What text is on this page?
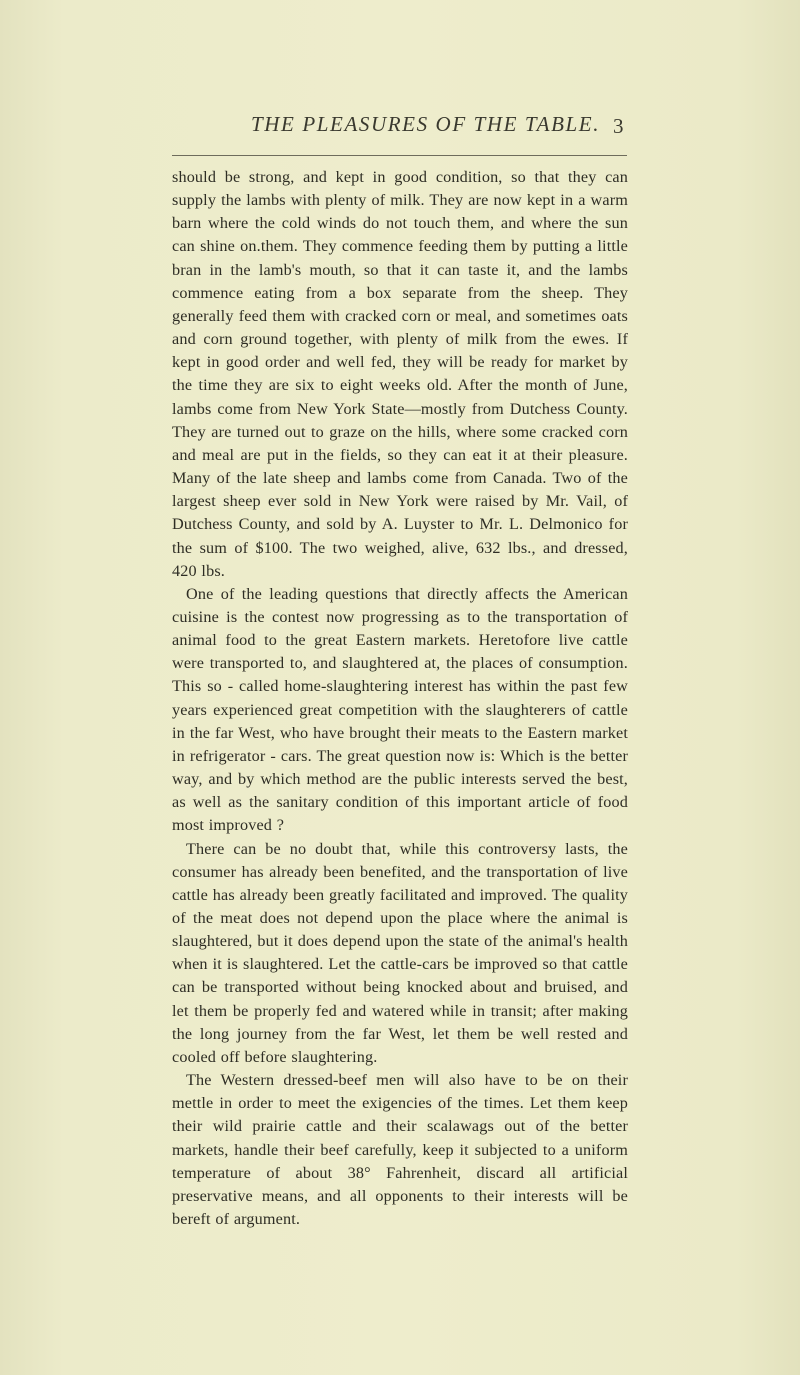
THE PLEASURES OF THE TABLE. 3

should be strong, and kept in good condition, so that they can supply the lambs with plenty of milk. They are now kept in a warm barn where the cold winds do not touch them, and where the sun can shine on.them. They commence feeding them by putting a little bran in the lamb's mouth, so that it can taste it, and the lambs commence eating from a box separate from the sheep. They generally feed them with cracked corn or meal, and sometimes oats and corn ground together, with plenty of milk from the ewes. If kept in good order and well fed, they will be ready for market by the time they are six to eight weeks old. After the month of June, lambs come from New York State—mostly from Dutchess County. They are turned out to graze on the hills, where some cracked corn and meal are put in the fields, so they can eat it at their pleasure. Many of the late sheep and lambs come from Canada. Two of the largest sheep ever sold in New York were raised by Mr. Vail, of Dutchess County, and sold by A. Luyster to Mr. L. Delmonico for the sum of $100. The two weighed, alive, 632 lbs., and dressed, 420 lbs.

One of the leading questions that directly affects the American cuisine is the contest now progressing as to the transportation of animal food to the great Eastern markets. Heretofore live cattle were transported to, and slaughtered at, the places of consumption. This so - called home-slaughtering interest has within the past few years experienced great competition with the slaughterers of cattle in the far West, who have brought their meats to the Eastern market in refrigerator - cars. The great question now is: Which is the better way, and by which method are the public interests served the best, as well as the sanitary condition of this important article of food most improved ?

There can be no doubt that, while this controversy lasts, the consumer has already been benefited, and the transportation of live cattle has already been greatly facilitated and improved. The quality of the meat does not depend upon the place where the animal is slaughtered, but it does depend upon the state of the animal's health when it is slaughtered. Let the cattle-cars be improved so that cattle can be transported without being knocked about and bruised, and let them be properly fed and watered while in transit; after making the long journey from the far West, let them be well rested and cooled off before slaughtering.

The Western dressed-beef men will also have to be on their mettle in order to meet the exigencies of the times. Let them keep their wild prairie cattle and their scalawags out of the better markets, handle their beef carefully, keep it subjected to a uniform temperature of about 38° Fahrenheit, discard all artificial preservative means, and all opponents to their interests will be bereft of argument.
